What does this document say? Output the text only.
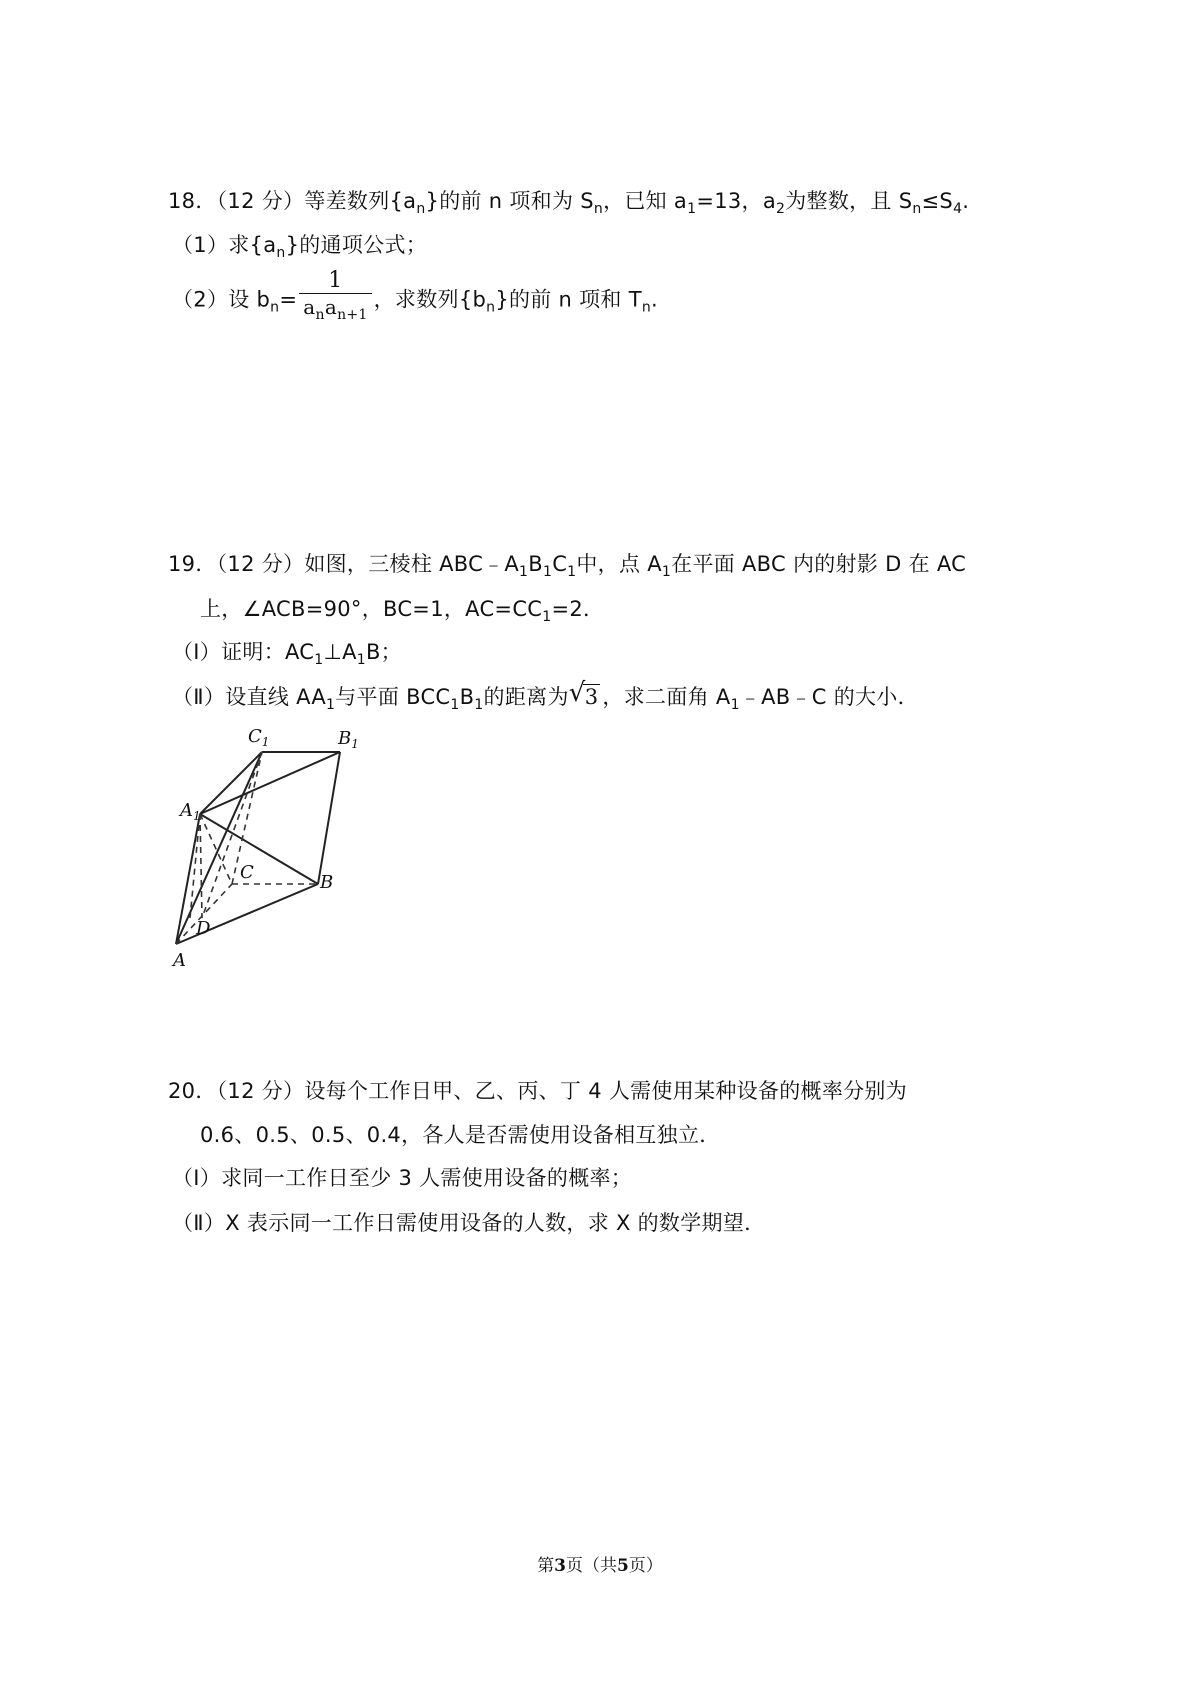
18．（12 分）等差数列$\{a_n\}$的前 n 项和为 $S_n$，已知 $a_1=13$，$a_2$为整数，且 $S_n\le S_4$.
（1）求$\{a_n\}$的通项公式；
（2）设 $b_n= \frac{1}{a_na_{n+1}}$ ，求数列$\{b_n\}$的前 n 项和 $T_n$.
19．（12 分）如图，三棱柱 $ABC﹣A_1B_1C_1$中，点 $A_1$在平面 ABC 内的射影 D 在 AC
上，∠ACB=90°，BC=1，$AC=CC_1=2$．
（Ⅰ）证明：$AC_1\perp A_1B$；
（Ⅱ）设直线 $AA_1$与平面 $BCC_1B_1$的距离为 √ 3 ，求二面角 $A_1﹣AB﹣C$ 的大小．
$C_1$	$B_1$
$A_1$
C	B
D
A
20．（12 分）设每个工作日甲、乙、丙、丁 4 人需使用某种设备的概率分别为
0.6、0.5、0.5、0.4，各人是否需使用设备相互独立．
（Ⅰ）求同一工作日至少 3 人需使用设备的概率；
（Ⅱ）X 表示同一工作日需使用设备的人数，求 X 的数学期望．
第3页（共5页）
